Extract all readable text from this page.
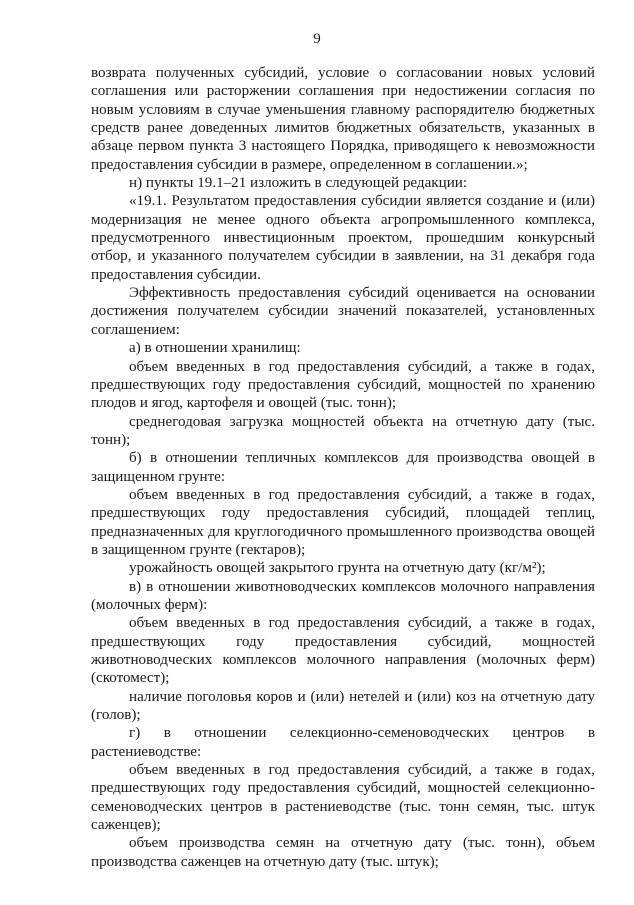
9

возврата полученных субсидий, условие о согласовании новых условий соглашения или расторжении соглашения при недостижении согласия по новым условиям в случае уменьшения главному распорядителю бюджетных средств ранее доведенных лимитов бюджетных обязательств, указанных в абзаце первом пункта 3 настоящего Порядка, приводящего к невозможности предоставления субсидии в размере, определенном в соглашении.»;

н) пункты 19.1–21 изложить в следующей редакции:

«19.1. Результатом предоставления субсидии является создание и (или) модернизация не менее одного объекта агропромышленного комплекса, предусмотренного инвестиционным проектом, прошедшим конкурсный отбор, и указанного получателем субсидии в заявлении, на 31 декабря года предоставления субсидии.

Эффективность предоставления субсидий оценивается на основании достижения получателем субсидии значений показателей, установленных соглашением:

а) в отношении хранилищ:

объем введенных в год предоставления субсидий, а также в годах, предшествующих году предоставления субсидий, мощностей по хранению плодов и ягод, картофеля и овощей (тыс. тонн);

среднегодовая загрузка мощностей объекта на отчетную дату (тыс. тонн);

б) в отношении тепличных комплексов для производства овощей в защищенном грунте:

объем введенных в год предоставления субсидий, а также в годах, предшествующих году предоставления субсидий, площадей теплиц, предназначенных для круглогодичного промышленного производства овощей в защищенном грунте (гектаров);

урожайность овощей закрытого грунта на отчетную дату (кг/м²);

в) в отношении животноводческих комплексов молочного направления (молочных ферм):

объем введенных в год предоставления субсидий, а также в годах, предшествующих году предоставления субсидий, мощностей животноводческих комплексов молочного направления (молочных ферм) (скотомест);

наличие поголовья коров и (или) нетелей и (или) коз на отчетную дату (голов);

г) в отношении селекционно-семеноводческих центров в растениеводстве:

объем введенных в год предоставления субсидий, а также в годах, предшествующих году предоставления субсидий, мощностей селекционно-семеноводческих центров в растениеводстве (тыс. тонн семян, тыс. штук саженцев);

объем производства семян на отчетную дату (тыс. тонн), объем производства саженцев на отчетную дату (тыс. штук);
